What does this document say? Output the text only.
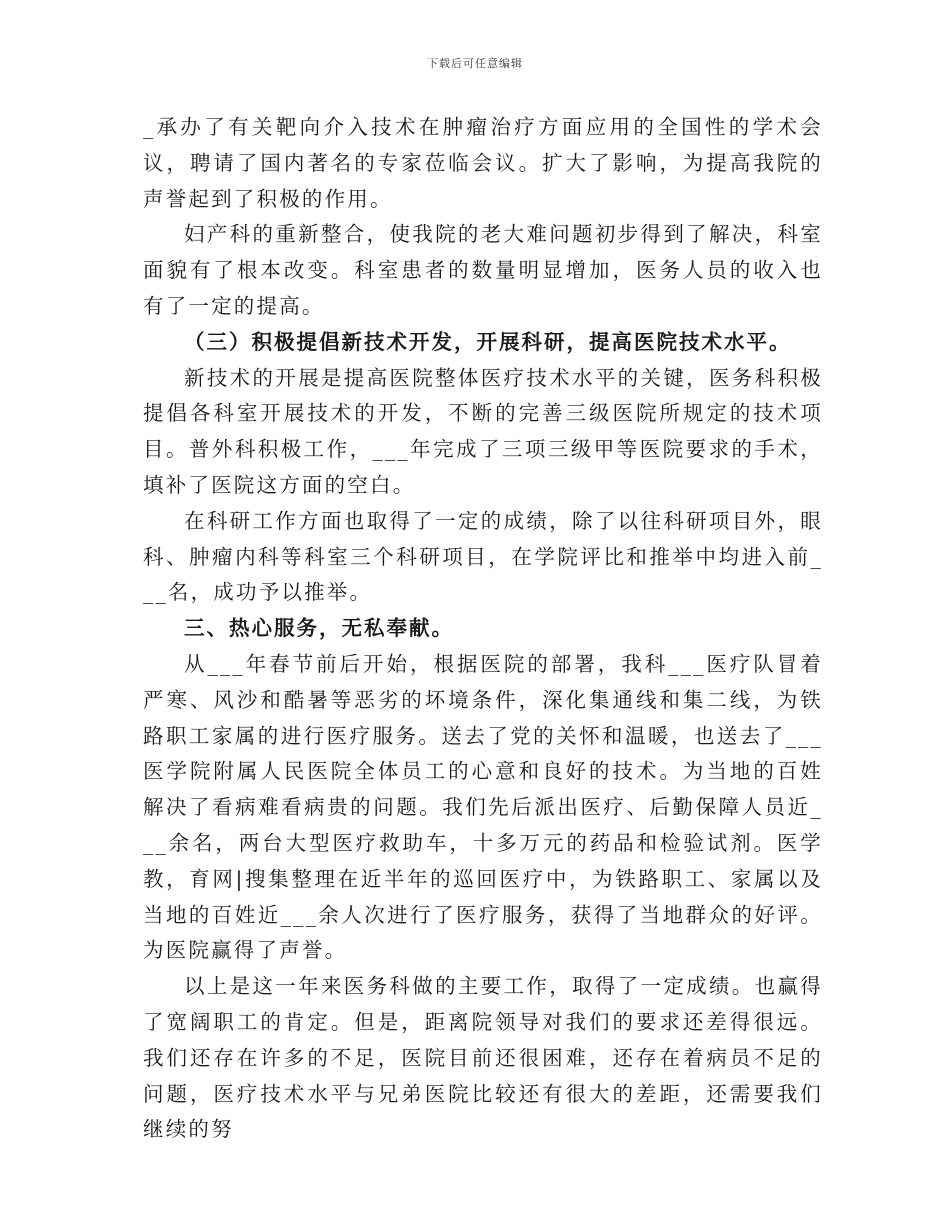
下载后可任意编辑

_承办了有关靶向介入技术在肿瘤治疗方面应用的全国性的学术会议，聘请了国内著名的专家莅临会议。扩大了影响，为提高我院的声誉起到了积极的作用。

妇产科的重新整合，使我院的老大难问题初步得到了解决，科室面貌有了根本改变。科室患者的数量明显增加，医务人员的收入也有了一定的提高。

（三）积极提倡新技术开发，开展科研，提高医院技术水平。

新技术的开展是提高医院整体医疗技术水平的关键，医务科积极提倡各科室开展技术的开发，不断的完善三级医院所规定的技术项目。普外科积极工作，___年完成了三项三级甲等医院要求的手术，填补了医院这方面的空白。

在科研工作方面也取得了一定的成绩，除了以往科研项目外，眼科、肿瘤内科等科室三个科研项目，在学院评比和推举中均进入前___名，成功予以推举。

三、热心服务，无私奉献。

从___年春节前后开始，根据医院的部署，我科___医疗队冒着严寒、风沙和酷暑等恶劣的坏境条件，深化集通线和集二线，为铁路职工家属的进行医疗服务。送去了党的关怀和温暖，也送去了___医学院附属人民医院全体员工的心意和良好的技术。为当地的百姓解决了看病难看病贵的问题。我们先后派出医疗、后勤保障人员近___余名，两台大型医疗救助车，十多万元的药品和检验试剂。医学教，育网|搜集整理在近半年的巡回医疗中，为铁路职工、家属以及当地的百姓近___余人次进行了医疗服务，获得了当地群众的好评。为医院赢得了声誉。

以上是这一年来医务科做的主要工作，取得了一定成绩。也赢得了宽阔职工的肯定。但是，距离院领导对我们的要求还差得很远。我们还存在许多的不足，医院目前还很困难，还存在着病员不足的问题，医疗技术水平与兄弟医院比较还有很大的差距，还需要我们继续的努
